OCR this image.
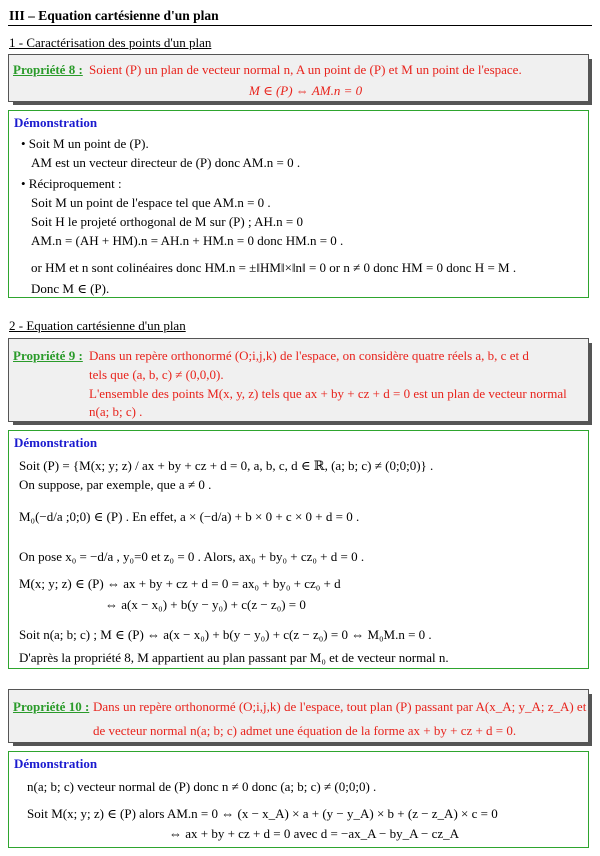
III – Equation cartésienne d'un plan
1 - Caractérisation des points d'un plan
Propriété 8 : Soient (P) un plan de vecteur normal n, A un point de (P) et M un point de l'espace.
M ∈ (P) ⇔ AM.n = 0
Démonstration
• Soit M un point de (P).
AM est un vecteur directeur de (P) donc AM.n = 0 .
• Réciproquement :
Soit M un point de l'espace tel que AM.n = 0 .
Soit H le projeté orthogonal de M sur (P) ; AH.n = 0
AM.n = (AH + HM).n = AH.n + HM.n = 0 donc HM.n = 0 .
or HM et n sont colinéaires donc HM.n = ±‖HM‖×‖n‖ = 0 or n ≠ 0 donc HM = 0 donc H = M .
Donc M ∈ (P).
2 - Equation cartésienne d'un plan
Propriété 9 : Dans un repère orthonormé (O;i,j,k) de l'espace, on considère quatre réels a, b, c et d
tels que (a, b, c) ≠ (0,0,0).
L'ensemble des points M(x, y, z) tels que ax + by + cz + d = 0 est un plan de vecteur normal
n(a; b; c) .
Démonstration
Soit (P) = {M(x; y; z) / ax + by + cz + d = 0, a, b, c, d ∈ ℝ, (a; b; c) ≠ (0;0;0)} .
On suppose, par exemple, que a ≠ 0 .
M₀(−d/a ;0;0) ∈ (P) . En effet, a × (−d/a) + b × 0 + c × 0 + d = 0 .
On pose x₀ = −d/a , y₀=0 et z₀ = 0 . Alors, ax₀ + by₀ + cz₀ + d = 0 .
M(x; y; z) ∈ (P) ⇔ ax + by + cz + d = 0 = ax₀ + by₀ + cz₀ + d
⇔ a(x − x₀) + b(y − y₀) + c(z − z₀) = 0
Soit n(a; b; c) ; M ∈ (P) ⇔ a(x − x₀) + b(y − y₀) + c(z − z₀) = 0 ⇔ M₀M.n = 0 .
D'après la propriété 8, M appartient au plan passant par M₀ et de vecteur normal n.
Propriété 10 : Dans un repère orthonormé (O;i,j,k) de l'espace, tout plan (P) passant par A(x_A; y_A; z_A) et
de vecteur normal n(a; b; c) admet une équation de la forme ax + by + cz + d = 0.
Démonstration
n(a; b; c) vecteur normal de (P) donc n ≠ 0 donc (a; b; c) ≠ (0;0;0) .
Soit M(x; y; z) ∈ (P) alors AM.n = 0 ⇔ (x − x_A) × a + (y − y_A) × b + (z − z_A) × c = 0
⇔ ax + by + cz + d = 0 avec d = −ax_A − by_A − cz_A
